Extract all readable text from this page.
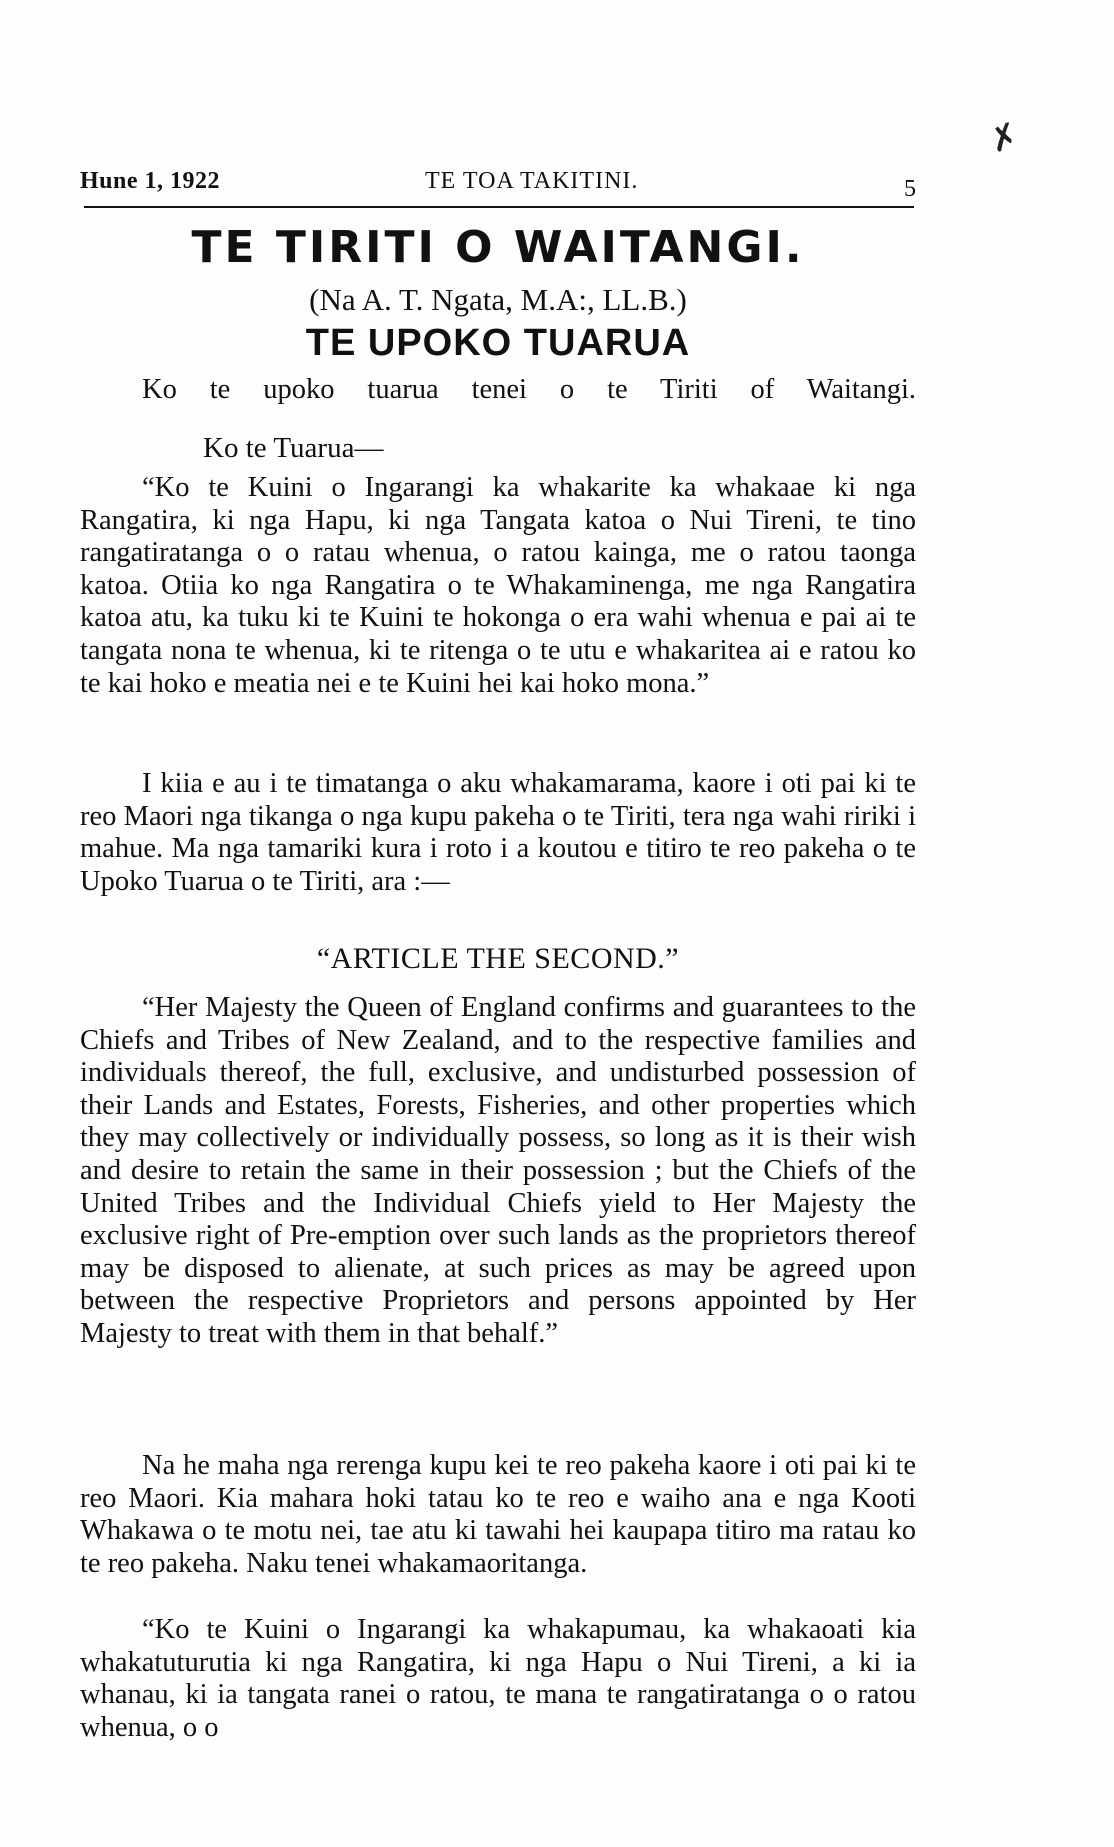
✗
Hune 1, 1922	TE TOA TAKITINI.	5
TE TIRITI O WAITANGI.
(Na A. T. Ngata, M.A:, LL.B.)
TE UPOKO TUARUA

Ko te upoko tuarua tenei o te Tiriti of Waitangi.

Ko te Tuarua—

“Ko te Kuini o Ingarangi ka whakarite ka whakaae ki nga Rangatira, ki nga Hapu, ki nga Tangata katoa o Nui Tireni, te tino rangatiratanga o o ratau whenua, o ratou kainga, me o ratou taonga katoa. Otiia ko nga Rangatira o te Whakaminenga, me nga Rangatira katoa atu, ka tuku ki te Kuini te hokonga o era wahi whenua e pai ai te tangata nona te whenua, ki te ritenga o te utu e whakaritea ai e ratou ko te kai hoko e meatia nei e te Kuini hei kai hoko mona.”

I kiia e au i te timatanga o aku whakamarama, kaore i oti pai ki te reo Maori nga tikanga o nga kupu pakeha o te Tiriti, tera nga wahi ririki i mahue. Ma nga tamariki kura i roto i a koutou e titiro te reo pakeha o te Upoko Tuarua o te Tiriti, ara :—

“ARTICLE THE SECOND.”

“Her Majesty the Queen of England confirms and guarantees to the Chiefs and Tribes of New Zealand, and to the respective families and individuals thereof, the full, exclusive, and undisturbed possession of their Lands and Estates, Forests, Fisheries, and other properties which they may collectively or individually possess, so long as it is their wish and desire to retain the same in their possession ; but the Chiefs of the United Tribes and the Individual Chiefs yield to Her Majesty the exclusive right of Pre-emption over such lands as the proprietors thereof may be disposed to alienate, at such prices as may be agreed upon between the respective Proprietors and persons appointed by Her Majesty to treat with them in that behalf.”

Na he maha nga rerenga kupu kei te reo pakeha kaore i oti pai ki te reo Maori. Kia mahara hoki tatau ko te reo e waiho ana e nga Kooti Whakawa o te motu nei, tae atu ki tawahi hei kaupapa titiro ma ratau ko te reo pakeha. Naku tenei whakamaoritanga.

“Ko te Kuini o Ingarangi ka whakapumau, ka whakaoati kia whakatuturutia ki nga Rangatira, ki nga Hapu o Nui Tireni, a ki ia whanau, ki ia tangata ranei o ratou, te mana te rangatiratanga o o ratou whenua, o o
